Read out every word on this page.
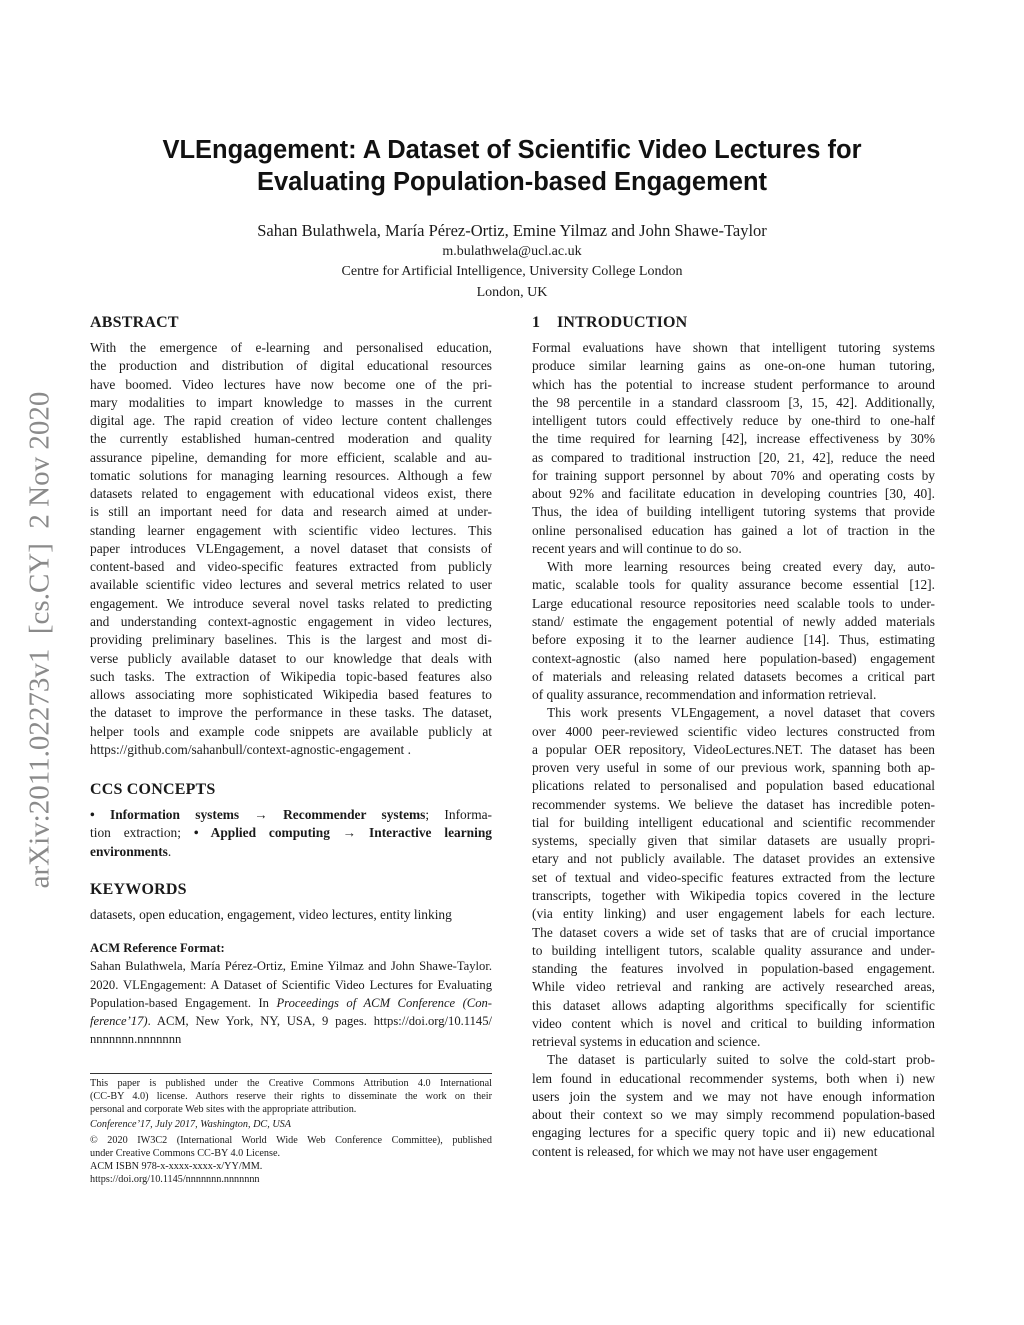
arXiv:2011.02273v1  [cs.CY]  2 Nov 2020
VLEngagement: A Dataset of Scientific Video Lectures for
Evaluating Population-based Engagement
Sahan Bulathwela, María Pérez-Ortiz, Emine Yilmaz and John Shawe-Taylor
m.bulathwela@ucl.ac.uk
Centre for Artificial Intelligence, University College London
London, UK
ABSTRACT
With the emergence of e-learning and personalised education,
the production and distribution of digital educational resources
have boomed. Video lectures have now become one of the pri-
mary modalities to impart knowledge to masses in the current
digital age. The rapid creation of video lecture content challenges
the currently established human-centred moderation and quality
assurance pipeline, demanding for more efficient, scalable and au-
tomatic solutions for managing learning resources. Although a few
datasets related to engagement with educational videos exist, there
is still an important need for data and research aimed at under-
standing learner engagement with scientific video lectures. This
paper introduces VLEngagement, a novel dataset that consists of
content-based and video-specific features extracted from publicly
available scientific video lectures and several metrics related to user
engagement. We introduce several novel tasks related to predicting
and understanding context-agnostic engagement in video lectures,
providing preliminary baselines. This is the largest and most di-
verse publicly available dataset to our knowledge that deals with
such tasks. The extraction of Wikipedia topic-based features also
allows associating more sophisticated Wikipedia based features to
the dataset to improve the performance in these tasks. The dataset,
helper tools and example code snippets are available publicly at
https://github.com/sahanbull/context-agnostic-engagement .
CCS CONCEPTS
• Information systems → Recommender systems; Informa-
tion extraction; • Applied computing → Interactive learning
environments.
KEYWORDS
datasets, open education, engagement, video lectures, entity linking
ACM Reference Format:
Sahan Bulathwela, María Pérez-Ortiz, Emine Yilmaz and John Shawe-Taylor.
2020. VLEngagement: A Dataset of Scientific Video Lectures for Evaluating
Population-based Engagement. In Proceedings of ACM Conference (Con-
ference’17). ACM, New York, NY, USA, 9 pages. https://doi.org/10.1145/
nnnnnnn.nnnnnnn
This paper is published under the Creative Commons Attribution 4.0 International
(CC-BY 4.0) license. Authors reserve their rights to disseminate the work on their
personal and corporate Web sites with the appropriate attribution.
Conference’17, July 2017, Washington, DC, USA
© 2020 IW3C2 (International World Wide Web Conference Committee), published
under Creative Commons CC-BY 4.0 License.
ACM ISBN 978-x-xxxx-xxxx-x/YY/MM.
https://doi.org/10.1145/nnnnnnn.nnnnnnn
1    INTRODUCTION
Formal evaluations have shown that intelligent tutoring systems
produce similar learning gains as one-on-one human tutoring,
which has the potential to increase student performance to around
the 98 percentile in a standard classroom [3, 15, 42]. Additionally,
intelligent tutors could effectively reduce by one-third to one-half
the time required for learning [42], increase effectiveness by 30%
as compared to traditional instruction [20, 21, 42], reduce the need
for training support personnel by about 70% and operating costs by
about 92% and facilitate education in developing countries [30, 40].
Thus, the idea of building intelligent tutoring systems that provide
online personalised education has gained a lot of traction in the
recent years and will continue to do so.
With more learning resources being created every day, auto-
matic, scalable tools for quality assurance become essential [12].
Large educational resource repositories need scalable tools to under-
stand/ estimate the engagement potential of newly added materials
before exposing it to the learner audience [14]. Thus, estimating
context-agnostic (also named here population-based) engagement
of materials and releasing related datasets becomes a critical part
of quality assurance, recommendation and information retrieval.
This work presents VLEngagement, a novel dataset that covers
over 4000 peer-reviewed scientific video lectures constructed from
a popular OER repository, VideoLectures.NET. The dataset has been
proven very useful in some of our previous work, spanning both ap-
plications related to personalised and population based educational
recommender systems. We believe the dataset has incredible poten-
tial for building intelligent educational and scientific recommender
systems, specially given that similar datasets are usually propri-
etary and not publicly available. The dataset provides an extensive
set of textual and video-specific features extracted from the lecture
transcripts, together with Wikipedia topics covered in the lecture
(via entity linking) and user engagement labels for each lecture.
The dataset covers a wide set of tasks that are of crucial importance
to building intelligent tutors, scalable quality assurance and under-
standing the features involved in population-based engagement.
While video retrieval and ranking are actively researched areas,
this dataset allows adapting algorithms specifically for scientific
video content which is novel and critical to building information
retrieval systems in education and science.
The dataset is particularly suited to solve the cold-start prob-
lem found in educational recommender systems, both when i) new
users join the system and we may not have enough information
about their context so we may simply recommend population-based
engaging lectures for a specific query topic and ii) new educational
content is released, for which we may not have user engagement
